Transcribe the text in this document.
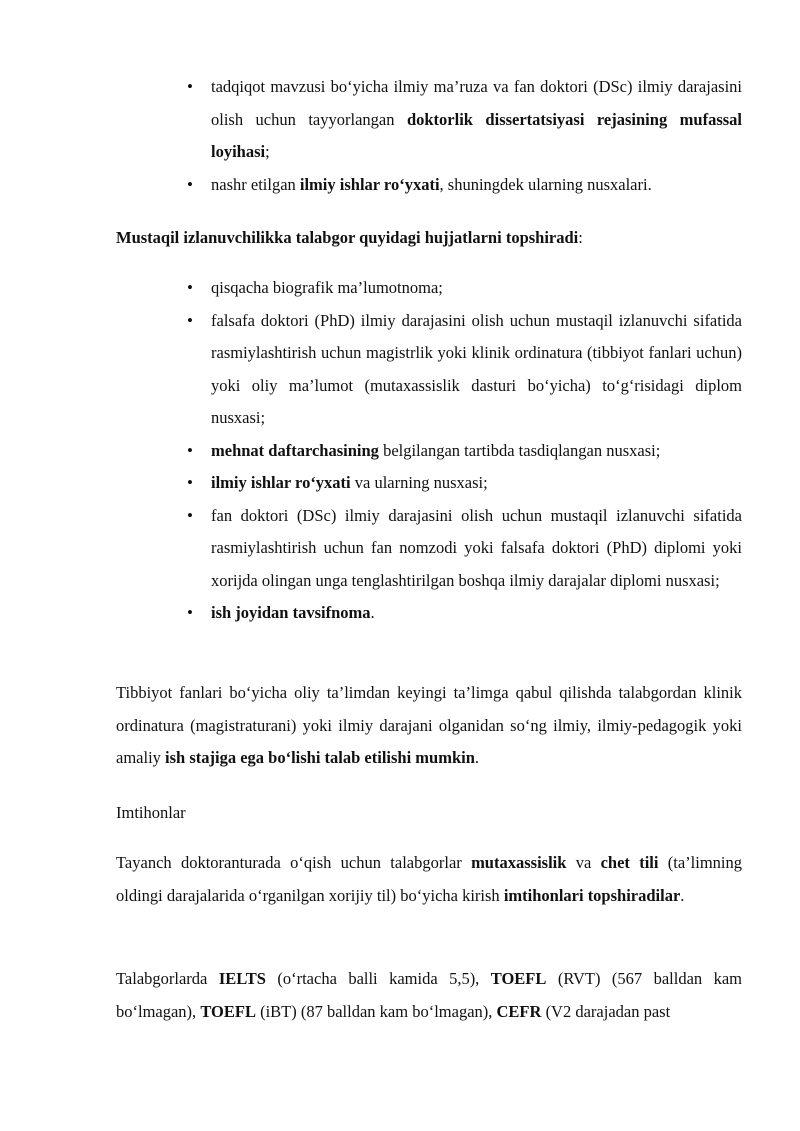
• tadqiqot mavzusi bo‘yicha ilmiy ma’ruza va fan doktori (DSc) ilmiy darajasini olish uchun tayyorlangan doktorlik dissertatsiyasi rejasining mufassal loyihasi;
• nashr etilgan ilmiy ishlar ro‘yxati, shuningdek ularning nusxalari.

Mustaqil izlanuvchilikka talabgor quyidagi hujjatlarni topshiradi:

• qisqacha biografik ma’lumotnoma;
• falsafa doktori (PhD) ilmiy darajasini olish uchun mustaqil izlanuvchi sifatida rasmiylashtirish uchun magistrlik yoki klinik ordinatura (tibbiyot fanlari uchun) yoki oliy ma’lumot (mutaxassislik dasturi bo‘yicha) to‘g‘risidagi diplom nusxasi;
• mehnat daftarchasining belgilangan tartibda tasdiqlangan nusxasi;
• ilmiy ishlar ro‘yxati va ularning nusxasi;
• fan doktori (DSc) ilmiy darajasini olish uchun mustaqil izlanuvchi sifatida rasmiylashtirish uchun fan nomzodi yoki falsafa doktori (PhD) diplomi yoki xorijda olingan unga tenglashtirilgan boshqa ilmiy darajalar diplomi nusxasi;
• ish joyidan tavsifnoma.

Tibbiyot fanlari bo‘yicha oliy ta’limdan keyingi ta’limga qabul qilishda talabgordan klinik ordinatura (magistraturani) yoki ilmiy darajani olganidan so‘ng ilmiy, ilmiy-pedagogik yoki amaliy ish stajiga ega bo‘lishi talab etilishi mumkin.

Imtihonlar

Tayanch doktoranturada o‘qish uchun talabgorlar mutaxassislik va chet tili (ta’limning oldingi darajalarida o‘rganilgan xorijiy til) bo‘yicha kirish imtihonlari topshiradilar.

Talabgorlarda IELTS (o‘rtacha balli kamida 5,5), TOEFL (RVT) (567 balldan kam bo‘lmagan), TOEFL (iBT) (87 balldan kam bo‘lmagan), CEFR (V2 darajadan past
